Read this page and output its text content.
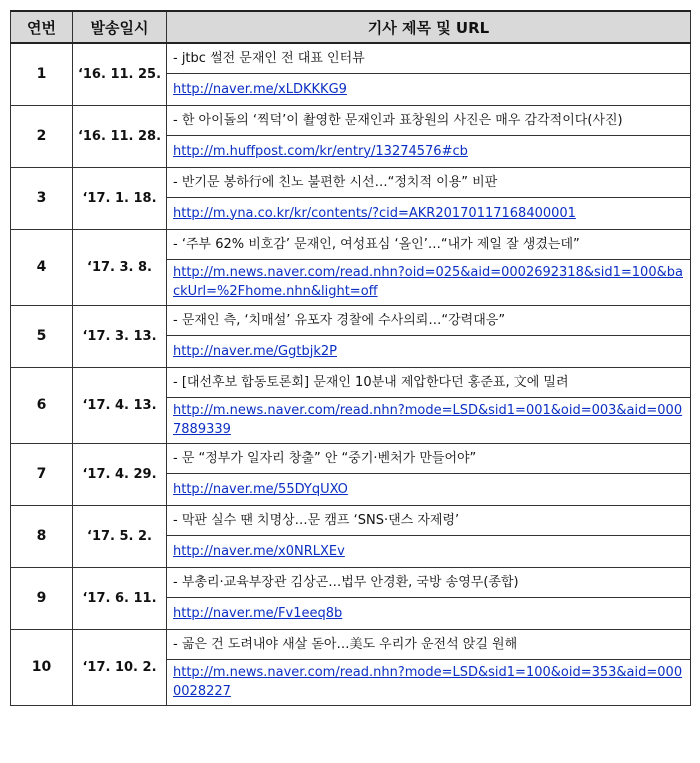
연번	발송일시	기사 제목 및 URL
1	‘16. 11. 25.	- jtbc 썰전 문재인 전 대표 인터뷰
		http://naver.me/xLDKKKG9
2	‘16. 11. 28.	- 한 아이돌의 ‘찍덕’이 촬영한 문재인과 표창원의 사진은 매우 감각적이다(사진)
		http://m.huffpost.com/kr/entry/13274576#cb
3	‘17. 1. 18.	- 반기문 봉하行에 친노 불편한 시선…“정치적 이용” 비판
		http://m.yna.co.kr/kr/contents/?cid=AKR20170117168400001
4	‘17. 3. 8.	- ‘주부 62% 비호감’ 문재인, 여성표심 ‘올인’…“내가 제일 잘 생겼는데”
		http://m.news.naver.com/read.nhn?oid=025&aid=0002692318&sid1=100&backUrl=%2Fhome.nhn&light=off
5	‘17. 3. 13.	- 문재인 측, ‘치매설’ 유포자 경찰에 수사의뢰…“강력대응”
		http://naver.me/Ggtbjk2P
6	‘17. 4. 13.	- [대선후보 합동토론회] 문재인 10분내 제압한다던 홍준표, 文에 밀려
		http://m.news.naver.com/read.nhn?mode=LSD&sid1=001&oid=003&aid=0007889339
7	‘17. 4. 29.	- 문 “정부가 일자리 창출” 안 “중기·벤처가 만들어야”
		http://naver.me/55DYqUXO
8	‘17. 5. 2.	- 막판 실수 땐 치명상…문 캠프 ‘SNS·댄스 자제령’
		http://naver.me/x0NRLXEv
9	‘17. 6. 11.	- 부총리·교육부장관 김상곤…법무 안경환, 국방 송영무(종합)
		http://naver.me/Fv1eeq8b
10	‘17. 10. 2.	- 곪은 건 도려내야 새살 돋아…美도 우리가 운전석 앉길 원해
		http://m.news.naver.com/read.nhn?mode=LSD&sid1=100&oid=353&aid=0000028227
